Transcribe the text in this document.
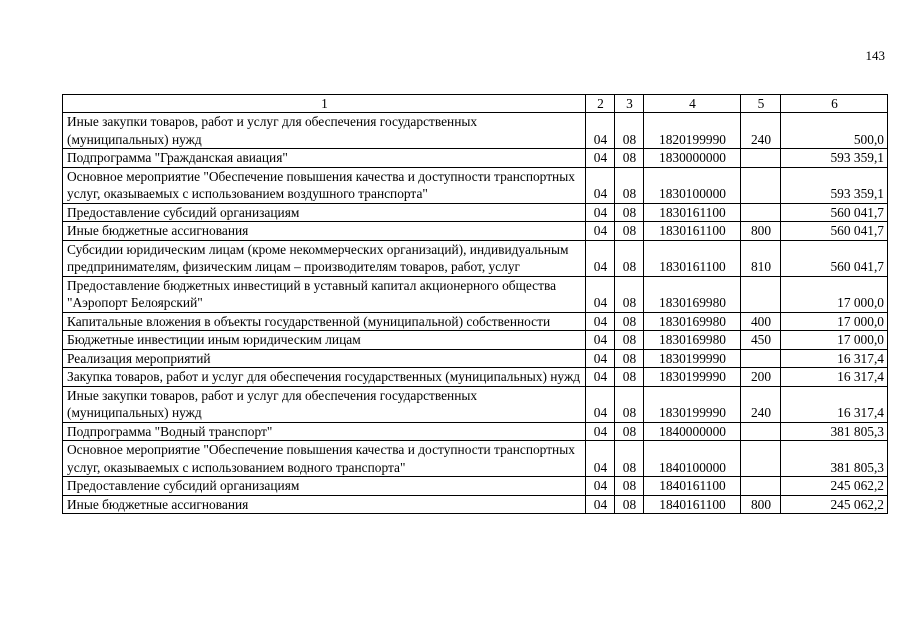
143
1	2	3	4	5	6
Иные закупки товаров, работ и услуг для обеспечения государственных (муниципальных) нужд	04	08	1820199990	240	500,0
Подпрограмма "Гражданская авиация"	04	08	1830000000		593 359,1
Основное мероприятие "Обеспечение повышения качества и доступности транспортных услуг, оказываемых с использованием воздушного транспорта"	04	08	1830100000		593 359,1
Предоставление субсидий организациям	04	08	1830161100		560 041,7
Иные бюджетные ассигнования	04	08	1830161100	800	560 041,7
Субсидии юридическим лицам (кроме некоммерческих организаций), индивидуальным предпринимателям, физическим лицам – производителям товаров, работ, услуг	04	08	1830161100	810	560 041,7
Предоставление бюджетных инвестиций в уставный капитал акционерного общества "Аэропорт Белоярский"	04	08	1830169980		17 000,0
Капитальные вложения в объекты государственной (муниципальной) собственности	04	08	1830169980	400	17 000,0
Бюджетные инвестиции иным юридическим лицам	04	08	1830169980	450	17 000,0
Реализация мероприятий	04	08	1830199990		16 317,4
Закупка товаров, работ и услуг для обеспечения государственных (муниципальных) нужд	04	08	1830199990	200	16 317,4
Иные закупки товаров, работ и услуг для обеспечения государственных (муниципальных) нужд	04	08	1830199990	240	16 317,4
Подпрограмма "Водный транспорт"	04	08	1840000000		381 805,3
Основное мероприятие "Обеспечение повышения качества и доступности транспортных услуг, оказываемых с использованием водного транспорта"	04	08	1840100000		381 805,3
Предоставление субсидий организациям	04	08	1840161100		245 062,2
Иные бюджетные ассигнования	04	08	1840161100	800	245 062,2
